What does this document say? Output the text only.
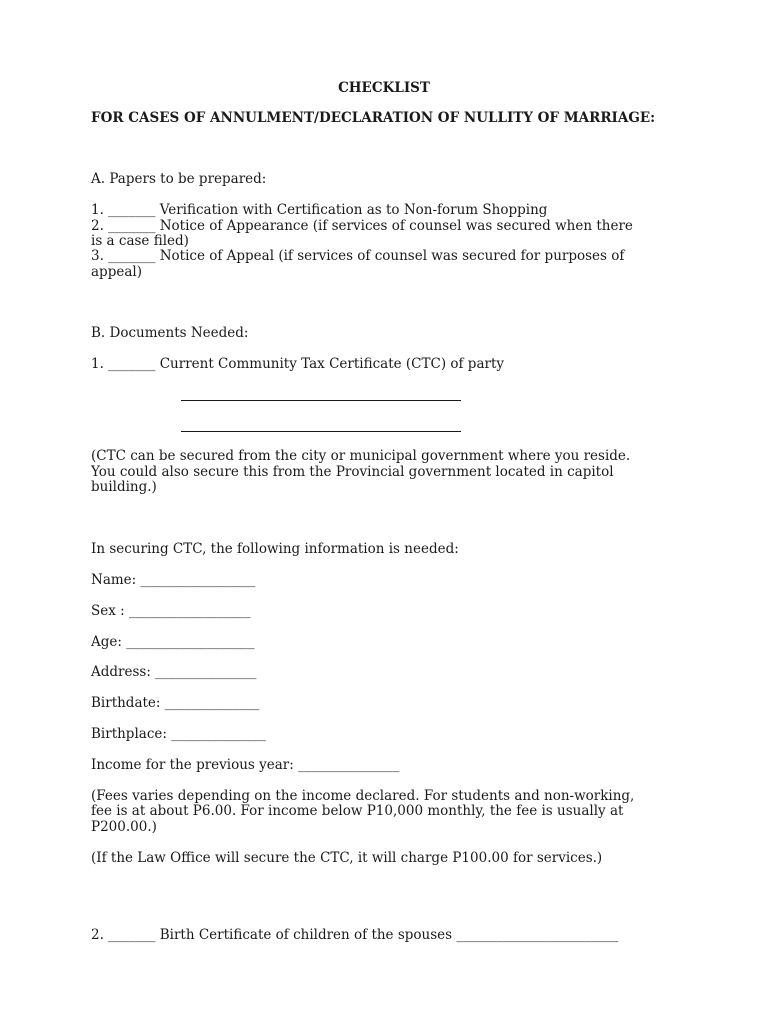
CHECKLIST
FOR CASES OF ANNULMENT/DECLARATION OF NULLITY OF MARRIAGE:
A. Papers to be prepared:
1. _______ Verification with Certification as to Non-forum Shopping
2. _______ Notice of Appearance (if services of counsel was secured when there
is a case filed)
3. _______ Notice of Appeal (if services of counsel was secured for purposes of
appeal)
B. Documents Needed:
1. _______ Current Community Tax Certificate (CTC) of party
(CTC can be secured from the city or municipal government where you reside.
You could also secure this from the Provincial government located in capitol
building.)
In securing CTC, the following information is needed:
Name: _________________
Sex : __________________
Age: ___________________
Address: _______________
Birthdate: ______________
Birthplace: ______________
Income for the previous year: _______________
(Fees varies depending on the income declared. For students and non-working,
fee is at about P6.00. For income below P10,000 monthly, the fee is usually at
P200.00.)
(If the Law Office will secure the CTC, it will charge P100.00 for services.)
2. _______ Birth Certificate of children of the spouses ________________________
